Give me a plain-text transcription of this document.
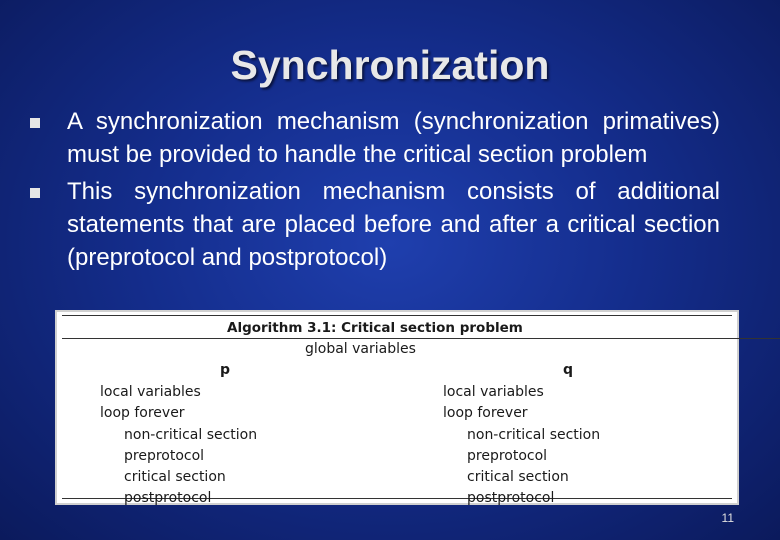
Synchronization
A synchronization mechanism (synchronization primatives) must be provided to handle the critical section problem
This synchronization mechanism consists of additional statements that are placed before and after a critical section (preprotocol and postprotocol)
Algorithm 3.1: Critical section problem
global variables
p
local variables
loop forever
non-critical section
preprotocol
critical section
postprotocol
q
local variables
loop forever
non-critical section
preprotocol
critical section
postprotocol
11
